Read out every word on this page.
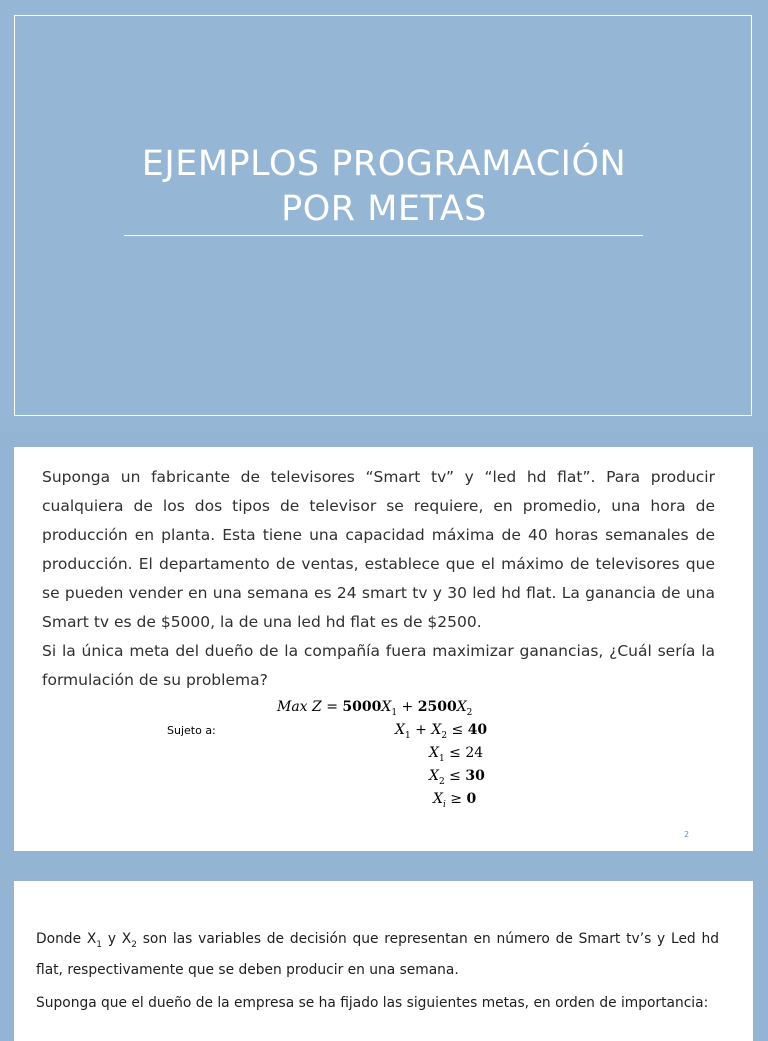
EJEMPLOS PROGRAMACIÓN
POR METAS

Suponga un fabricante de televisores “Smart tv” y “led hd flat”. Para producir cualquiera de los dos tipos de televisor se requiere, en promedio, una hora de producción en planta. Esta tiene una capacidad máxima de 40 horas semanales de producción. El departamento de ventas, establece que el máximo de televisores que se pueden vender en una semana es 24 smart tv y 30 led hd flat. La ganancia de una Smart tv es de $5000, la de una led hd flat es de $2500.

Si la única meta del dueño de la compañía fuera maximizar ganancias, ¿Cuál sería la formulación de su problema?

Max $Z = 5000X_1 + 2500X_2$
Sujeto a:	$X_1 + X_2 \le 40$
$X_1 \le 24$
$X_2 \le 30$
$X_i \ge 0$
2

Donde $X_1$ y $X_2$ son las variables de decisión que representan en número de Smart tv’s y Led hd flat, respectivamente que se deben producir en una semana.

Suponga que el dueño de la empresa se ha fijado las siguientes metas, en orden de importancia:
